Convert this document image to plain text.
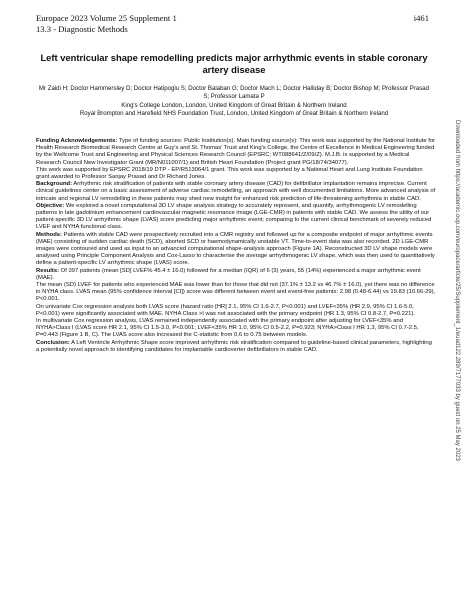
Europace 2023 Volume 25 Supplement 1
13.3 - Diagnostic Methods
i461
Left ventricular shape remodelling predicts major arrhythmic events in stable coronary artery disease
Mr Zaidi H; Doctor Hammersley D; Doctor Hatipoglu S; Doctor Balaban G; Doctor Mach L; Doctor Halliday B; Doctor Bishop M; Professor Prasad S; Professor Lamata P
King's College London, London, United Kingdom of Great Britain & Northern Ireland
Royal Brompton and Harefield NHS Foundation Trust, London, United Kingdom of Great Britain & Northern Ireland

Funding Acknowledgements: Type of funding sources: Public Institution(s). Main funding source(s): This work was supported by the National Institute for Health Research Biomedical Research Centre at Guy's and St. Thomas' Trust and King's College, the Centre of Excellence in Medical Engineering funded by the Wellcome Trust and Engineering and Physical Sciences Research Council (EPSRC; WT088641/Z/09/Z). M.J.B. is supported by a Medical Research Council New Investigator Grant (MR/N011007/1) and British Heart Foundation (Project grant PG/18/74/34077).

This work was supported by EPSRC 2018/19 DTP - EP/R513064/1 grant. This work was supported by a National Heart and Lung Institute Foundation grant awarded to Professor Sanjay Prasad and Dr Richard Jones.

Background: Arrhythmic risk stratification of patients with stable coronary artery disease (CAD) for defibrillator implantation remains imprecise. Current clinical guidelines center on a basic assessment of adverse cardiac remodelling, an approach with well documented limitations. More advanced analysis of intricate and regional LV remodelling in these patients may shed new insight for enhanced risk prediction of life-threatening arrhythmia in stable CAD.

Objective: We explored a novel computational 3D LV shape analysis strategy to accurately represent, and quantify, arrhythmogenic LV remodelling patterns in late gadolinium enhancement cardiovascular magnetic resonance image (LGE-CMR) in patients with stable CAD. We assess the utility of our patient-specific 3D LV arrhythmic shape (LVAS) score predicting major arrhythmic event; comparing to the current clinical benchmark of severely reduced LVEF and NYHA functional class.

Methods: Patients with stable CAD were prospectively recruited into a CMR registry and followed up for a composite endpoint of major arrhythmic events (MAE) consisting of sudden cardiac death (SCD), aborted SCD or haemodynamically unstable VT. Time-to-event data was also recorded. 2D LGE-CMR images were contoured and used as input to an advanced computational shape-analysis approach (Figure 1A). Reconstructed 3D LV shape models were analysed using Principle Component Analysis and Cox-Lasso to characterise the average arrhythmogenic LV shape, which was then used to quantitatively define a patient-specific LV arrhythmic shape (LVAS) score.

Results: Of 397 patients (mean [SD] LVEF% 45.4 ± 16.0) followed for a median (IQR) of 6 (3) years, 55 (14%) experienced a major arrhythmic event (MAE).

The mean (SD) LVEF for patients who experienced MAE was lower than for those that did not (37.1% ± 13.2 vs 46.7% ± 16.0), yet there was no difference in NYHA class. LVAS mean (95% confidence interval [CI]) score was different between event and event-free patients: 2.98 (0.48-6.44) vs 19.83 (10.66-29), P<0.001.

On univariate Cox regression analysis both LVAS score (hazard ratio [HR] 2.1, 95% CI 1.6-2.7, P<0.001) and LVEF<35% (HR 2.9, 95% CI 1.6-5.0, P<0.001) were significantly associated with MAE. NYHA Class >I was not associated with the primary endpoint (HR 1.3, 95% CI 0.8-2.7, P=0.221).

In multivariate Cox regression analysis, LVAS remained independently associated with the primary endpoint after adjusting for LVEF<35% and NYHA>Class I (LVAS score HR 2.1, 95% CI 1.5-3.0, P<0.001; LVEF<35% HR 1.0, 95% CI 0.5-2.2, P=0.923; NYHA>Class I HR 1.3, 95% CI 0.7-2.5, P=0.443 (Figure 1 B, C). The LVAS score also increased the C-statistic from 0.6 to 0.75 between models.

Conclusion: A Left Ventricle Arrhythmic Shape score improved arrhythmic risk stratification compared to guideline-based clinical parameters, highlighting a potentially novel approach to identifying candidates for implantable cardioverter defibrillators in stable CAD.	Downloaded from https://academic.oup.com/europace/article/25/Supplement_1/euad122.289/7177033 by guest on 25 May 2023
